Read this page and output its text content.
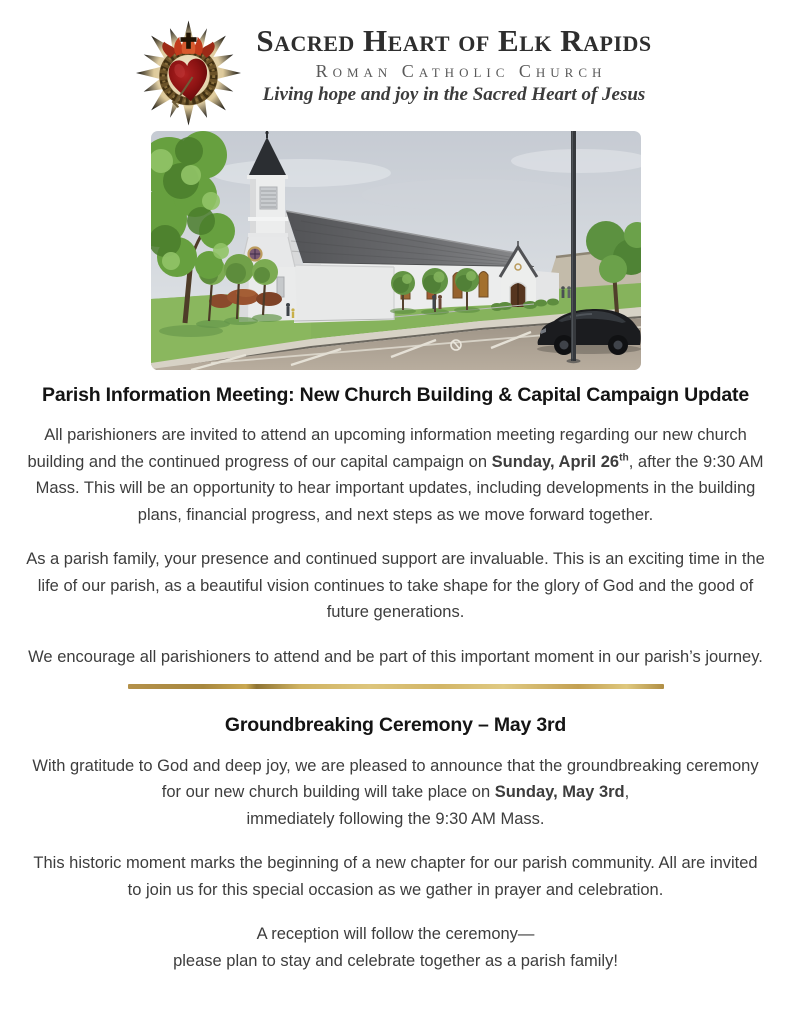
Sacred Heart of Elk Rapids
Roman Catholic Church
Living hope and joy in the Sacred Heart of Jesus
Parish Information Meeting: New Church Building & Capital Campaign Update

All parishioners are invited to attend an upcoming information meeting regarding our new church building and the continued progress of our capital campaign on Sunday, April 26th, after the 9:30 AM Mass. This will be an opportunity to hear important updates, including developments in the building plans, financial progress, and next steps as we move forward together.

As a parish family, your presence and continued support are invaluable. This is an exciting time in the life of our parish, as a beautiful vision continues to take shape for the glory of God and the good of future generations.

We encourage all parishioners to attend and be part of this important moment in our parish’s journey.

Groundbreaking Ceremony – May 3rd

With gratitude to God and deep joy, we are pleased to announce that the groundbreaking ceremony for our new church building will take place on Sunday, May 3rd,
immediately following the 9:30 AM Mass.

This historic moment marks the beginning of a new chapter for our parish community. All are invited to join us for this special occasion as we gather in prayer and celebration.

A reception will follow the ceremony—
please plan to stay and celebrate together as a parish family!
